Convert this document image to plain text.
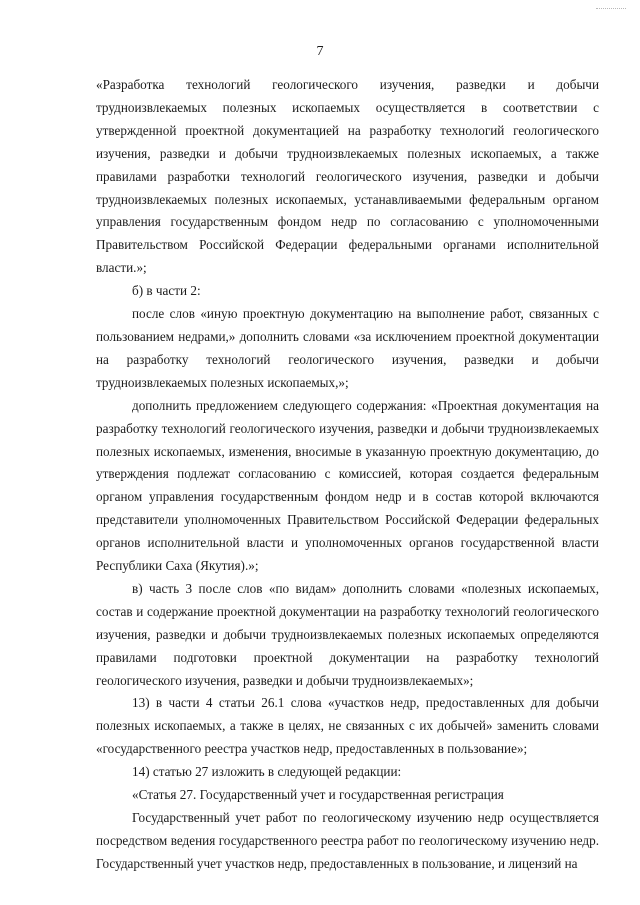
7

«Разработка технологий геологического изучения, разведки и добычи трудноизвлекаемых полезных ископаемых осуществляется в соответствии с утвержденной проектной документацией на разработку технологий геологического изучения, разведки и добычи трудноизвлекаемых полезных ископаемых, а также правилами разработки технологий геологического изучения, разведки и добычи трудноизвлекаемых полезных ископаемых, устанавливаемыми федеральным органом управления государственным фондом недр по согласованию с уполномоченными Правительством Российской Федерации федеральными органами исполнительной власти.»;

б) в части 2:

после слов «иную проектную документацию на выполнение работ, связанных с пользованием недрами,» дополнить словами «за исключением проектной документации на разработку технологий геологического изучения, разведки и добычи трудноизвлекаемых полезных ископаемых,»;

дополнить предложением следующего содержания: «Проектная документация на разработку технологий геологического изучения, разведки и добычи трудноизвлекаемых полезных ископаемых, изменения, вносимые в указанную проектную документацию, до утверждения подлежат согласованию с комиссией, которая создается федеральным органом управления государственным фондом недр и в состав которой включаются представители уполномоченных Правительством Российской Федерации федеральных органов исполнительной власти и уполномоченных органов государственной власти Республики Саха (Якутия).»;

в) часть 3 после слов «по видам» дополнить словами «полезных ископаемых, состав и содержание проектной документации на разработку технологий геологического изучения, разведки и добычи трудноизвлекаемых полезных ископаемых определяются правилами подготовки проектной документации на разработку технологий геологического изучения, разведки и добычи трудноизвлекаемых»;

13) в части 4 статьи 26.1 слова «участков недр, предоставленных для добычи полезных ископаемых, а также в целях, не связанных с их добычей» заменить словами «государственного реестра участков недр, предоставленных в пользование»;

14) статью 27 изложить в следующей редакции:

«Статья 27. Государственный учет и государственная регистрация

Государственный учет работ по геологическому изучению недр осуществляется посредством ведения государственного реестра работ по геологическому изучению недр. Государственный учет участков недр, предоставленных в пользование, и лицензий на
